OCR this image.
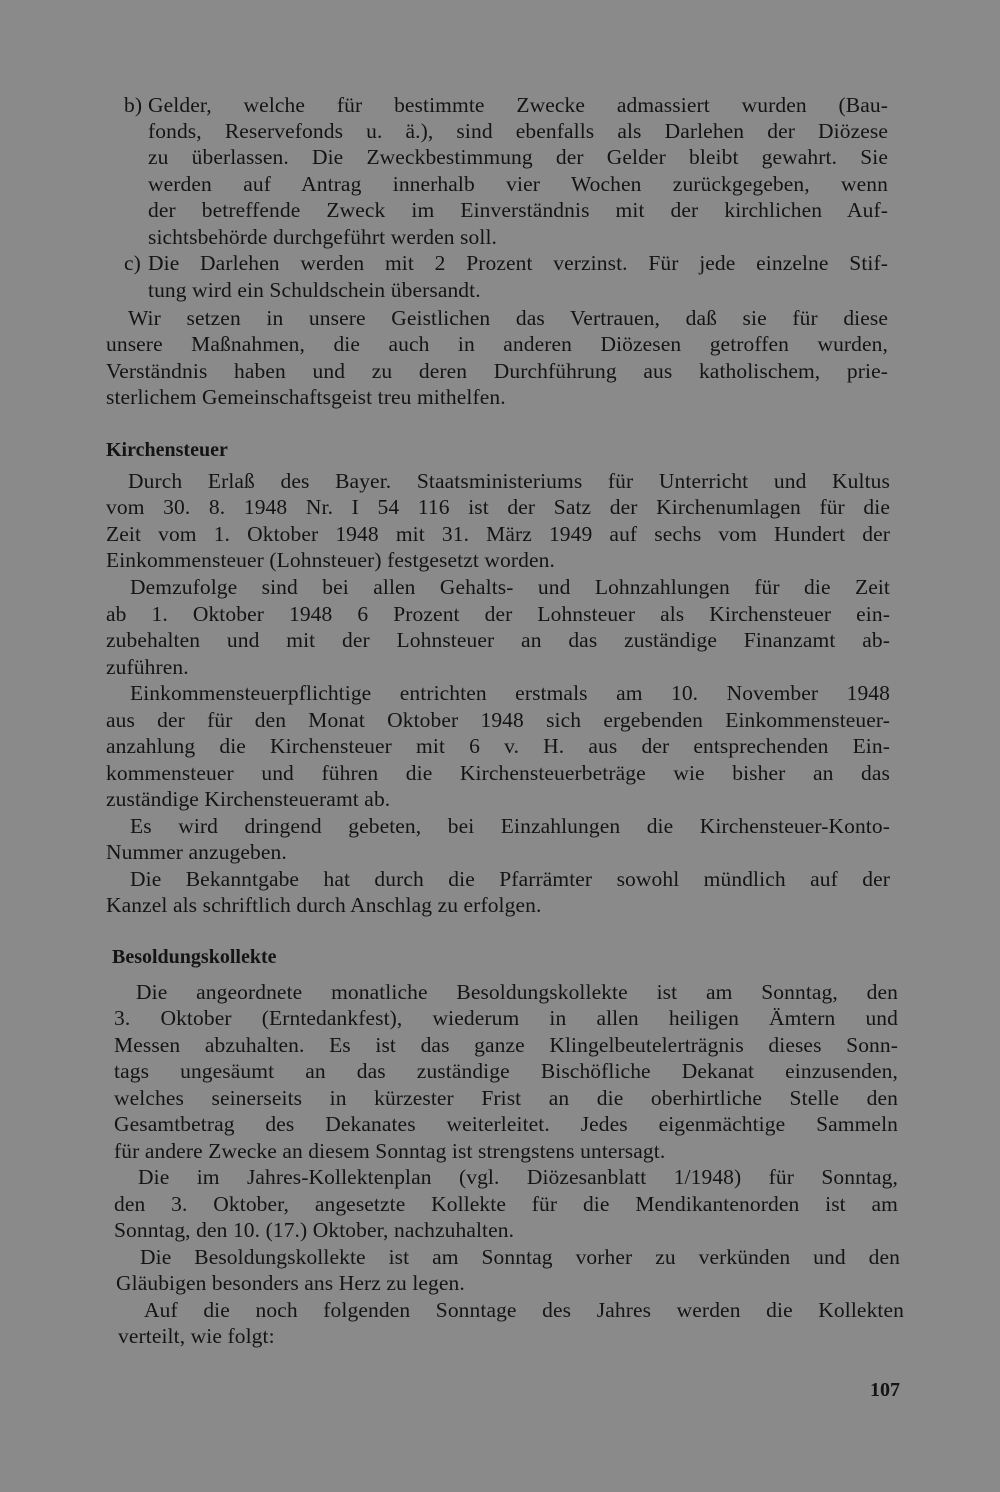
b) Gelder, welche für bestimmte Zwecke admassiert wurden (Bau-
fonds, Reservefonds u. ä.), sind ebenfalls als Darlehen der Diözese
zu überlassen. Die Zweckbestimmung der Gelder bleibt gewahrt. Sie
werden auf Antrag innerhalb vier Wochen zurückgegeben, wenn
der betreffende Zweck im Einverständnis mit der kirchlichen Auf-
sichtsbehörde durchgeführt werden soll.
c) Die Darlehen werden mit 2 Prozent verzinst. Für jede einzelne Stif-
tung wird ein Schuldschein übersandt.
Wir setzen in unsere Geistlichen das Vertrauen, daß sie für diese
unsere Maßnahmen, die auch in anderen Diözesen getroffen wurden,
Verständnis haben und zu deren Durchführung aus katholischem, prie-
sterlichem Gemeinschaftsgeist treu mithelfen.
Kirchensteuer
Durch Erlaß des Bayer. Staatsministeriums für Unterricht und Kultus
vom 30. 8. 1948 Nr. I 54 116 ist der Satz der Kirchenumlagen für die
Zeit vom 1. Oktober 1948 mit 31. März 1949 auf sechs vom Hundert der
Einkommensteuer (Lohnsteuer) festgesetzt worden.
Demzufolge sind bei allen Gehalts- und Lohnzahlungen für die Zeit
ab 1. Oktober 1948 6 Prozent der Lohnsteuer als Kirchensteuer ein-
zubehalten und mit der Lohnsteuer an das zuständige Finanzamt ab-
zuführen.
Einkommensteuerpflichtige entrichten erstmals am 10. November 1948
aus der für den Monat Oktober 1948 sich ergebenden Einkommensteuer-
anzahlung die Kirchensteuer mit 6 v. H. aus der entsprechenden Ein-
kommensteuer und führen die Kirchensteuerbeträge wie bisher an das
zuständige Kirchensteueramt ab.
Es wird dringend gebeten, bei Einzahlungen die Kirchensteuer-Konto-
Nummer anzugeben.
Die Bekanntgabe hat durch die Pfarrämter sowohl mündlich auf der
Kanzel als schriftlich durch Anschlag zu erfolgen.
Besoldungskollekte
Die angeordnete monatliche Besoldungskollekte ist am Sonntag, den
3. Oktober (Erntedankfest), wiederum in allen heiligen Ämtern und
Messen abzuhalten. Es ist das ganze Klingelbeutelerträgnis dieses Sonn-
tags ungesäumt an das zuständige Bischöfliche Dekanat einzusenden,
welches seinerseits in kürzester Frist an die oberhirtliche Stelle den
Gesamtbetrag des Dekanates weiterleitet. Jedes eigenmächtige Sammeln
für andere Zwecke an diesem Sonntag ist strengstens untersagt.
Die im Jahres-Kollektenplan (vgl. Diözesanblatt 1/1948) für Sonntag,
den 3. Oktober, angesetzte Kollekte für die Mendikantenorden ist am
Sonntag, den 10. (17.) Oktober, nachzuhalten.
Die Besoldungskollekte ist am Sonntag vorher zu verkünden und den
Gläubigen besonders ans Herz zu legen.
Auf die noch folgenden Sonntage des Jahres werden die Kollekten
verteilt, wie folgt:
107
